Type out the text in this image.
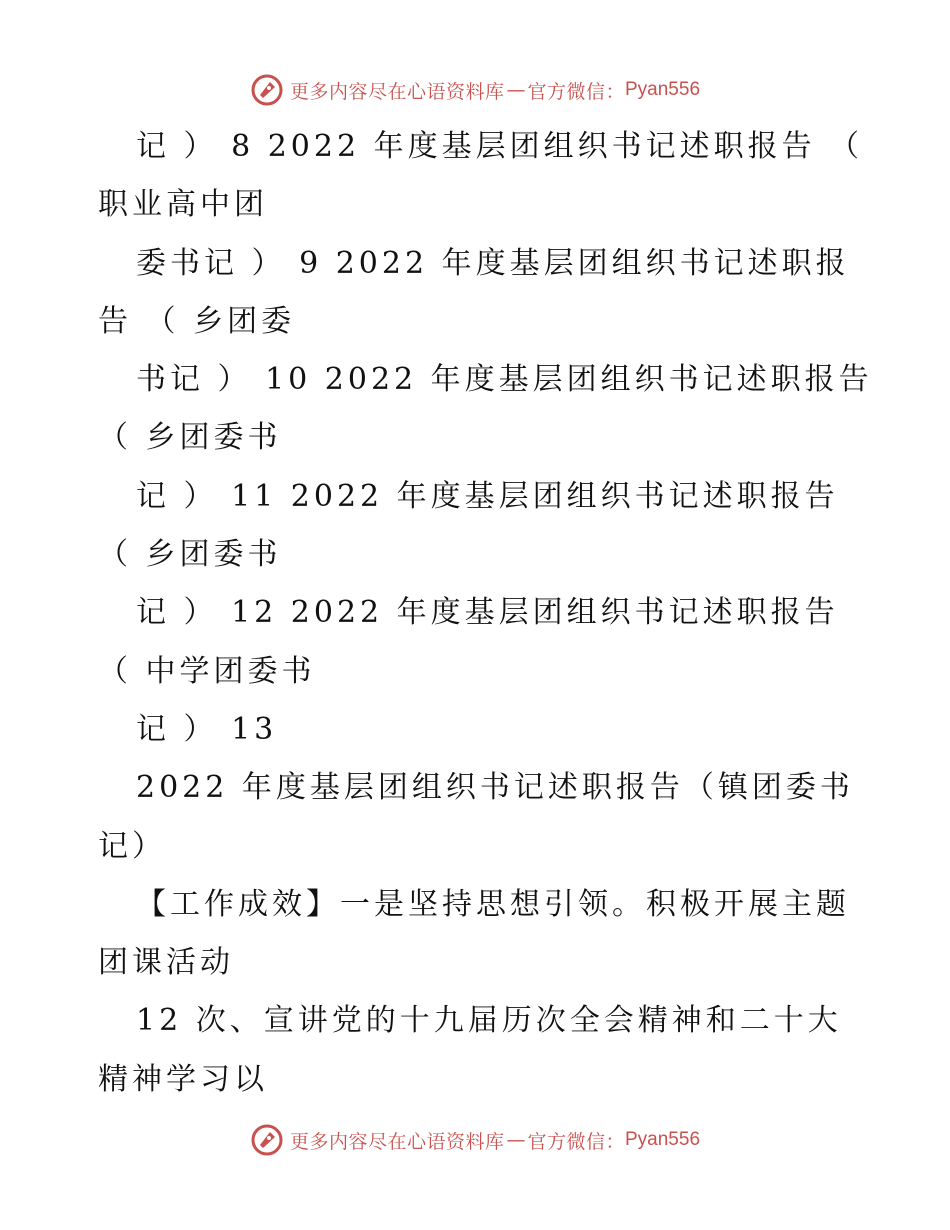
更多内容尽在心语资料库 — 官方微信： Pyan556
记 ） 8 2022 年度基层团组织书记述职报告 （
职业高中团
委书记 ） 9 2022 年度基层团组织书记述职报
告 （ 乡团委
书记 ） 10 2022 年度基层团组织书记述职报告
（ 乡团委书
记 ） 11 2022 年度基层团组织书记述职报告
（ 乡团委书
记 ） 12 2022 年度基层团组织书记述职报告
（ 中学团委书
记 ） 13
2022 年度基层团组织书记述职报告（镇团委书
记）
【工作成效】一是坚持思想引领。积极开展主题
团课活动
12 次、宣讲党的十九届历次全会精神和二十大
精神学习以
更多内容尽在心语资料库 — 官方微信： Pyan556
